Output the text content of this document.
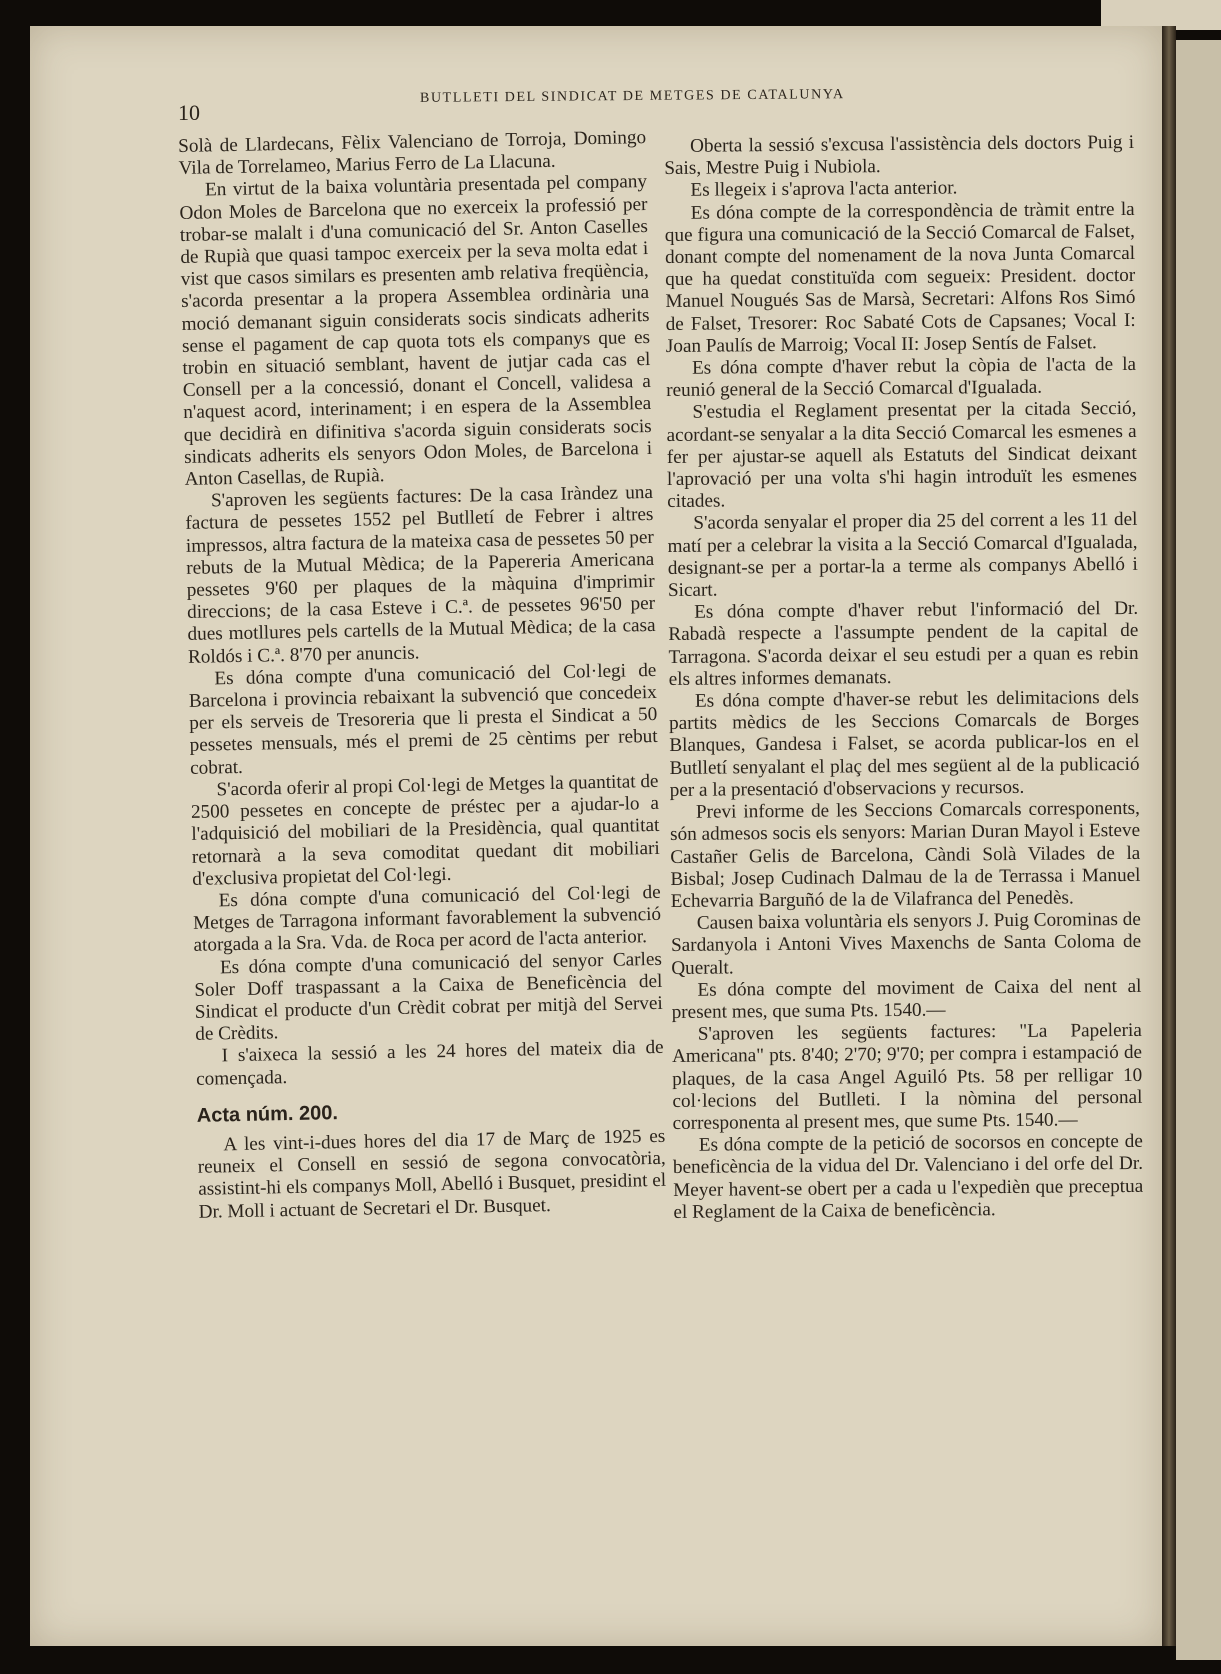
10
BUTLLETI DEL SINDICAT DE METGES DE CATALUNYA

Solà de Llardecans, Fèlix Valenciano de Torroja, Domingo Vila de Torrelameo, Marius Ferro de La Llacuna.

En virtut de la baixa voluntària presentada pel company Odon Moles de Barcelona que no exerceix la professió per trobar-se malalt i d'una comunicació del Sr. Anton Caselles de Rupià que quasi tampoc exerceix per la seva molta edat i vist que casos similars es presenten amb relativa freqüència, s'acorda presentar a la propera Assemblea ordinària una moció demanant siguin considerats socis sindicats adherits sense el pagament de cap quota tots els companys que es trobin en situació semblant, havent de jutjar cada cas el Consell per a la concessió, donant el Concell, validesa a n'aquest acord, interinament; i en espera de la Assemblea que decidirà en difinitiva s'acorda siguin considerats socis sindicats adherits els senyors Odon Moles, de Barcelona i Anton Casellas, de Rupià.

S'aproven les següents factures: De la casa Iràndez una factura de pessetes 1552 pel Butlletí de Febrer i altres impressos, altra factura de la mateixa casa de pessetes 50 per rebuts de la Mutual Mèdica; de la Papereria Americana pessetes 9'60 per plaques de la màquina d'imprimir direccions; de la casa Esteve i C.ª. de pessetes 96'50 per dues motllures pels cartells de la Mutual Mèdica; de la casa Roldós i C.ª. 8'70 per anuncis.

Es dóna compte d'una comunicació del Col·legi de Barcelona i provincia rebaixant la subvenció que concedeix per els serveis de Tresoreria que li presta el Sindicat a 50 pessetes mensuals, més el premi de 25 cèntims per rebut cobrat.

S'acorda oferir al propi Col·legi de Metges la quantitat de 2500 pessetes en concepte de préstec per a ajudar-lo a l'adquisició del mobiliari de la Presidència, qual quantitat retornarà a la seva comoditat quedant dit mobiliari d'exclusiva propietat del Col·legi.

Es dóna compte d'una comunicació del Col·legi de Metges de Tarragona informant favorablement la subvenció atorgada a la Sra. Vda. de Roca per acord de l'acta anterior.

Es dóna compte d'una comunicació del senyor Carles Soler Doff traspassant a la Caixa de Beneficència del Sindicat el producte d'un Crèdit cobrat per mitjà del Servei de Crèdits.

I s'aixeca la sessió a les 24 hores del mateix dia de començada.

Acta núm. 200.

A les vint-i-dues hores del dia 17 de Març de 1925 es reuneix el Consell en sessió de segona convocatòria, assistint-hi els companys Moll, Abelló i Busquet, presidint el Dr. Moll i actuant de Secretari el Dr. Busquet.

Oberta la sessió s'excusa l'assistència dels doctors Puig i Sais, Mestre Puig i Nubiola.

Es llegeix i s'aprova l'acta anterior.

Es dóna compte de la correspondència de tràmit entre la que figura una comunicació de la Secció Comarcal de Falset, donant compte del nomenament de la nova Junta Comarcal que ha quedat constituïda com segueix: President. doctor Manuel Nougués Sas de Marsà, Secretari: Alfons Ros Simó de Falset, Tresorer: Roc Sabaté Cots de Capsanes; Vocal I: Joan Paulís de Marroig; Vocal II: Josep Sentís de Falset.

Es dóna compte d'haver rebut la còpia de l'acta de la reunió general de la Secció Comarcal d'Igualada.

S'estudia el Reglament presentat per la citada Secció, acordant-se senyalar a la dita Secció Comarcal les esmenes a fer per ajustar-se aquell als Estatuts del Sindicat deixant l'aprovació per una volta s'hi hagin introduït les esmenes citades.

S'acorda senyalar el proper dia 25 del corrent a les 11 del matí per a celebrar la visita a la Secció Comarcal d'Igualada, designant-se per a portar-la a terme als companys Abelló i Sicart.

Es dóna compte d'haver rebut l'informació del Dr. Rabadà respecte a l'assumpte pendent de la capital de Tarragona. S'acorda deixar el seu estudi per a quan es rebin els altres informes demanats.

Es dóna compte d'haver-se rebut les delimitacions dels partits mèdics de les Seccions Comarcals de Borges Blanques, Gandesa i Falset, se acorda publicar-los en el Butlletí senyalant el plaç del mes següent al de la publicació per a la presentació d'observacions y recursos.

Previ informe de les Seccions Comarcals corresponents, són admesos socis els senyors: Marian Duran Mayol i Esteve Castañer Gelis de Barcelona, Càndi Solà Vilades de la Bisbal; Josep Cudinach Dalmau de la de Terrassa i Manuel Echevarria Barguñó de la de Vilafranca del Penedès.

Causen baixa voluntària els senyors J. Puig Corominas de Sardanyola i Antoni Vives Maxenchs de Santa Coloma de Queralt.

Es dóna compte del moviment de Caixa del nent al present mes, que suma Pts. 1540.—

S'aproven les següents factures: "La Papeleria Americana" pts. 8'40; 2'70; 9'70; per compra i estampació de plaques, de la casa Angel Aguiló Pts. 58 per relligar 10 col·lecions del Butlleti. I la nòmina del personal corresponenta al present mes, que sume Pts. 1540.—

Es dóna compte de la petició de socorsos en concepte de beneficència de la vidua del Dr. Valenciano i del orfe del Dr. Meyer havent-se obert per a cada u l'expedièn que preceptua el Reglament de la Caixa de beneficència.
